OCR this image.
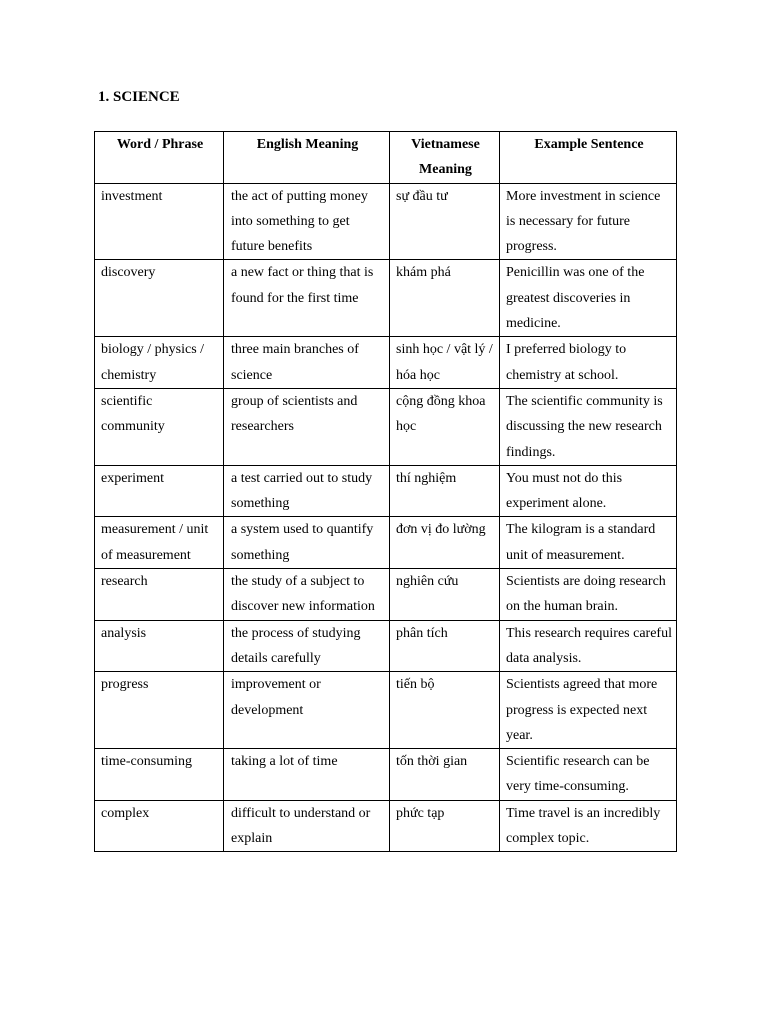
1. SCIENCE
Word / Phrase	English Meaning	Vietnamese Meaning	Example Sentence
investment	the act of putting money into something to get future benefits	sự đầu tư	More investment in science is necessary for future progress.
discovery	a new fact or thing that is found for the first time	khám phá	Penicillin was one of the greatest discoveries in medicine.
biology / physics / chemistry	three main branches of science	sinh học / vật lý / hóa học	I preferred biology to chemistry at school.
scientific community	group of scientists and researchers	cộng đồng khoa học	The scientific community is discussing the new research findings.
experiment	a test carried out to study something	thí nghiệm	You must not do this experiment alone.
measurement / unit of measurement	a system used to quantify something	đơn vị đo lường	The kilogram is a standard unit of measurement.
research	the study of a subject to discover new information	nghiên cứu	Scientists are doing research on the human brain.
analysis	the process of studying details carefully	phân tích	This research requires careful data analysis.
progress	improvement or development	tiến bộ	Scientists agreed that more progress is expected next year.
time-consuming	taking a lot of time	tốn thời gian	Scientific research can be very time-consuming.
complex	difficult to understand or explain	phức tạp	Time travel is an incredibly complex topic.
